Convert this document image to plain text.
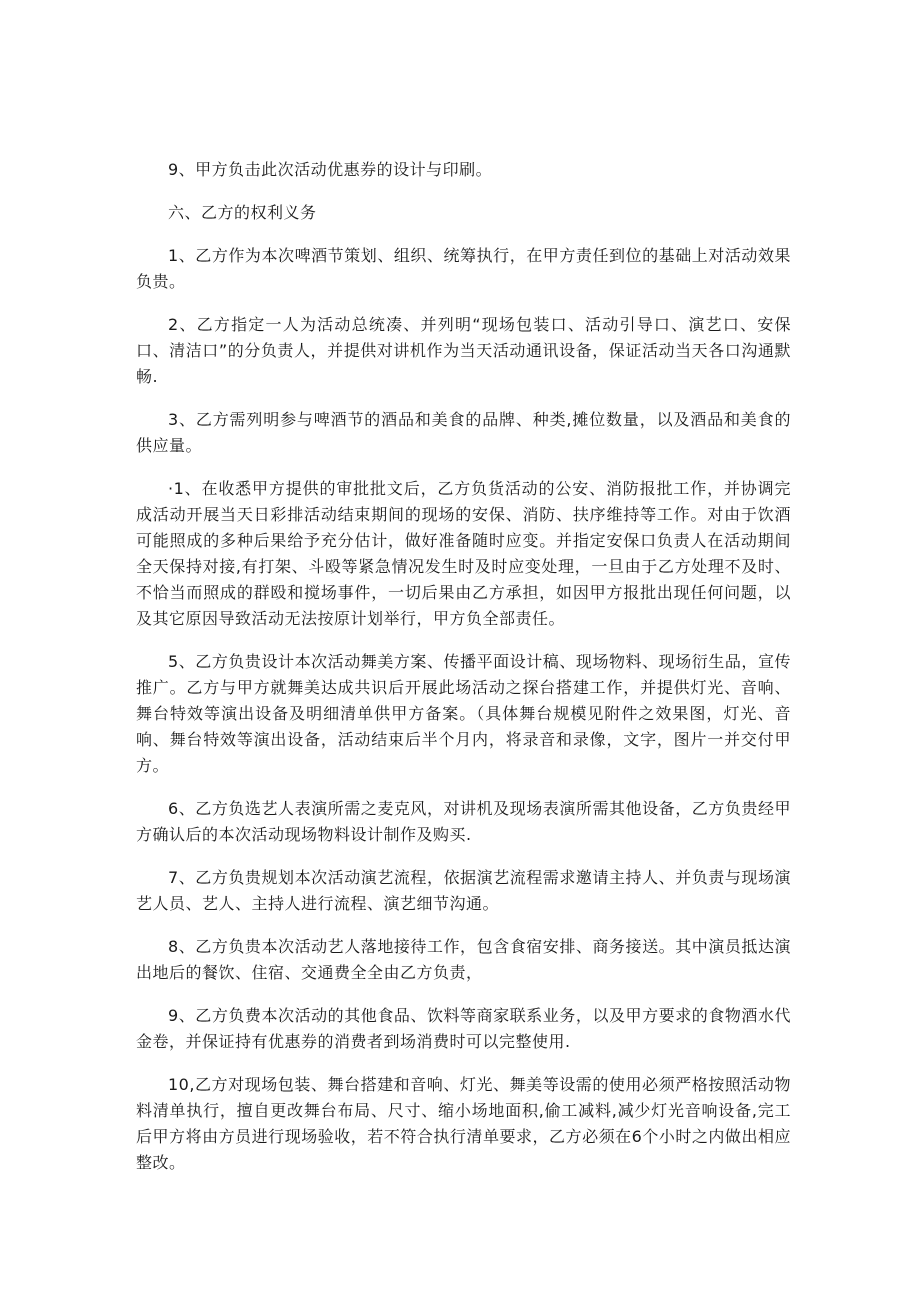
9、甲方负击此次活动优惠券的设计与印刷。

六、乙方的权利义务

1、乙方作为本次啤酒节策划、组织、统筹执行，在甲方责任到位的基础上对活动效果负贵。

2、乙方指定一人为活动总统凑、并列明“现场包装口、活动引导口、演艺口、安保口、清洁口”的分负责人，并提供对讲机作为当天活动通讯设备，保证活动当天各口沟通默畅.

3、乙方需列明参与啤酒节的酒品和美食的品牌、种类,摊位数量，以及酒品和美食的供应量。

·1、在收悉甲方提供的审批批文后，乙方负货活动的公安、消防报批工作，并协调完成活动开展当天日彩排活动结束期间的现场的安保、消防、扶序维持等工作。对由于饮酒可能照成的多种后果给予充分估计，做好准备随时应变。并指定安保口负责人在活动期间全天保持对接,有打架、斗殴等紧急情况发生时及时应变处理，一旦由于乙方处理不及时、不恰当而照成的群殴和搅场事件，一切后果由乙方承担，如因甲方报批出现任何问题，以及其它原因导致活动无法按原计划举行，甲方负全部责任。

5、乙方负贵设计本次活动舞美方案、传播平面设计稿、现场物料、现场衍生品，宣传推广。乙方与甲方就舞美达成共识后开展此场活动之探台搭建工作，并提供灯光、音响、舞台特效等演出设备及明细清单供甲方备案。（具体舞台规模见附件之效果图，灯光、音响、舞台特效等演出设备，活动结束后半个月内，将录音和录像，文字，图片一并交付甲方。

6、乙方负选艺人表演所需之麦克风，对讲机及现场表演所需其他设备，乙方负贵经甲方确认后的本次活动现场物料设计制作及购买.

7、乙方负贵规划本次活动演艺流程，依据演艺流程需求邀请主持人、并负责与现场演艺人员、艺人、主持人进行流程、演艺细节沟通。

8、乙方负贵本次活动艺人落地接待工作，包含食宿安排、商务接送。其中演员抵达演出地后的餐饮、住宿、交通费全全由乙方负责，

9、乙方负费本次活动的其他食品、饮料等商家联系业务，以及甲方要求的食物酒水代金卷，并保证持有优惠券的消费者到场消费时可以完整使用.

10,乙方对现场包装、舞台搭建和音响、灯光、舞美等设需的使用必须严格按照活动物料清单执行，擅自更改舞台布局、尺寸、缩小场地面积,偷工减料,减少灯光音响设备,完工后甲方将由方员进行现场验收，若不符合执行清单要求，乙方必须在6个小时之内做出相应整改。
